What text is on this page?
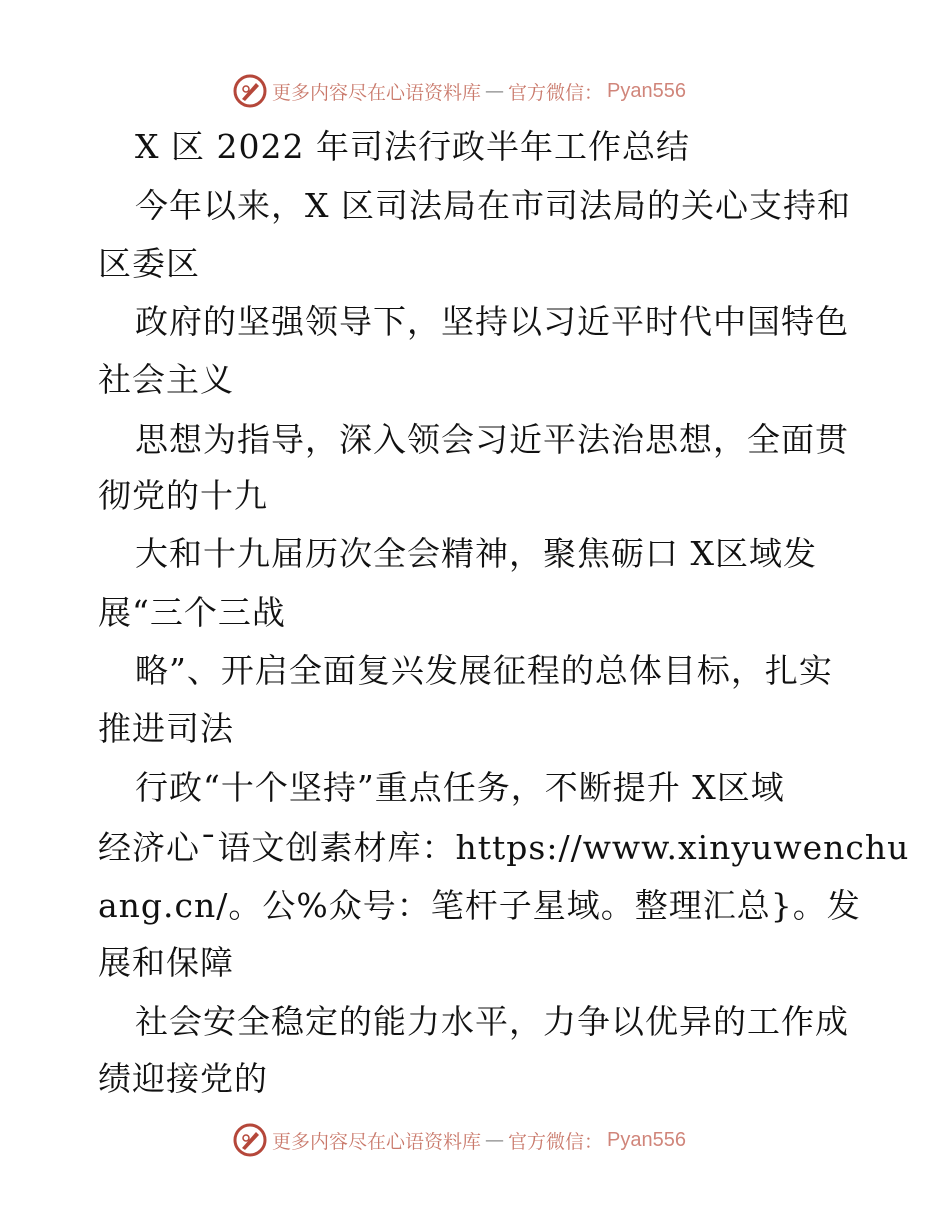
更多内容尽在心语资料库 — 官方微信： Pyan556
X 区 2022 年司法行政半年工作总结
今年以来，X 区司法局在市司法局的关心支持和
区委区
政府的坚强领导下，坚持以习近平时代中国特色
社会主义
思想为指导，深入领会习近平法治思想，全面贯
彻党的十九
大和十九届历次全会精神，聚焦砺口 X区域发
展“三个三战
略”、开启全面复兴发展征程的总体目标，扎实
推进司法
行政“十个坚持”重点任务，不断提升 X区域
经济心¯语文创素材库：https://www.xinyuwenchu
ang.cn/。公%众号：笔杆子星域。整理汇总}。发
展和保障
社会安全稳定的能力水平，力争以优异的工作成
绩迎接党的
更多内容尽在心语资料库 — 官方微信： Pyan556
